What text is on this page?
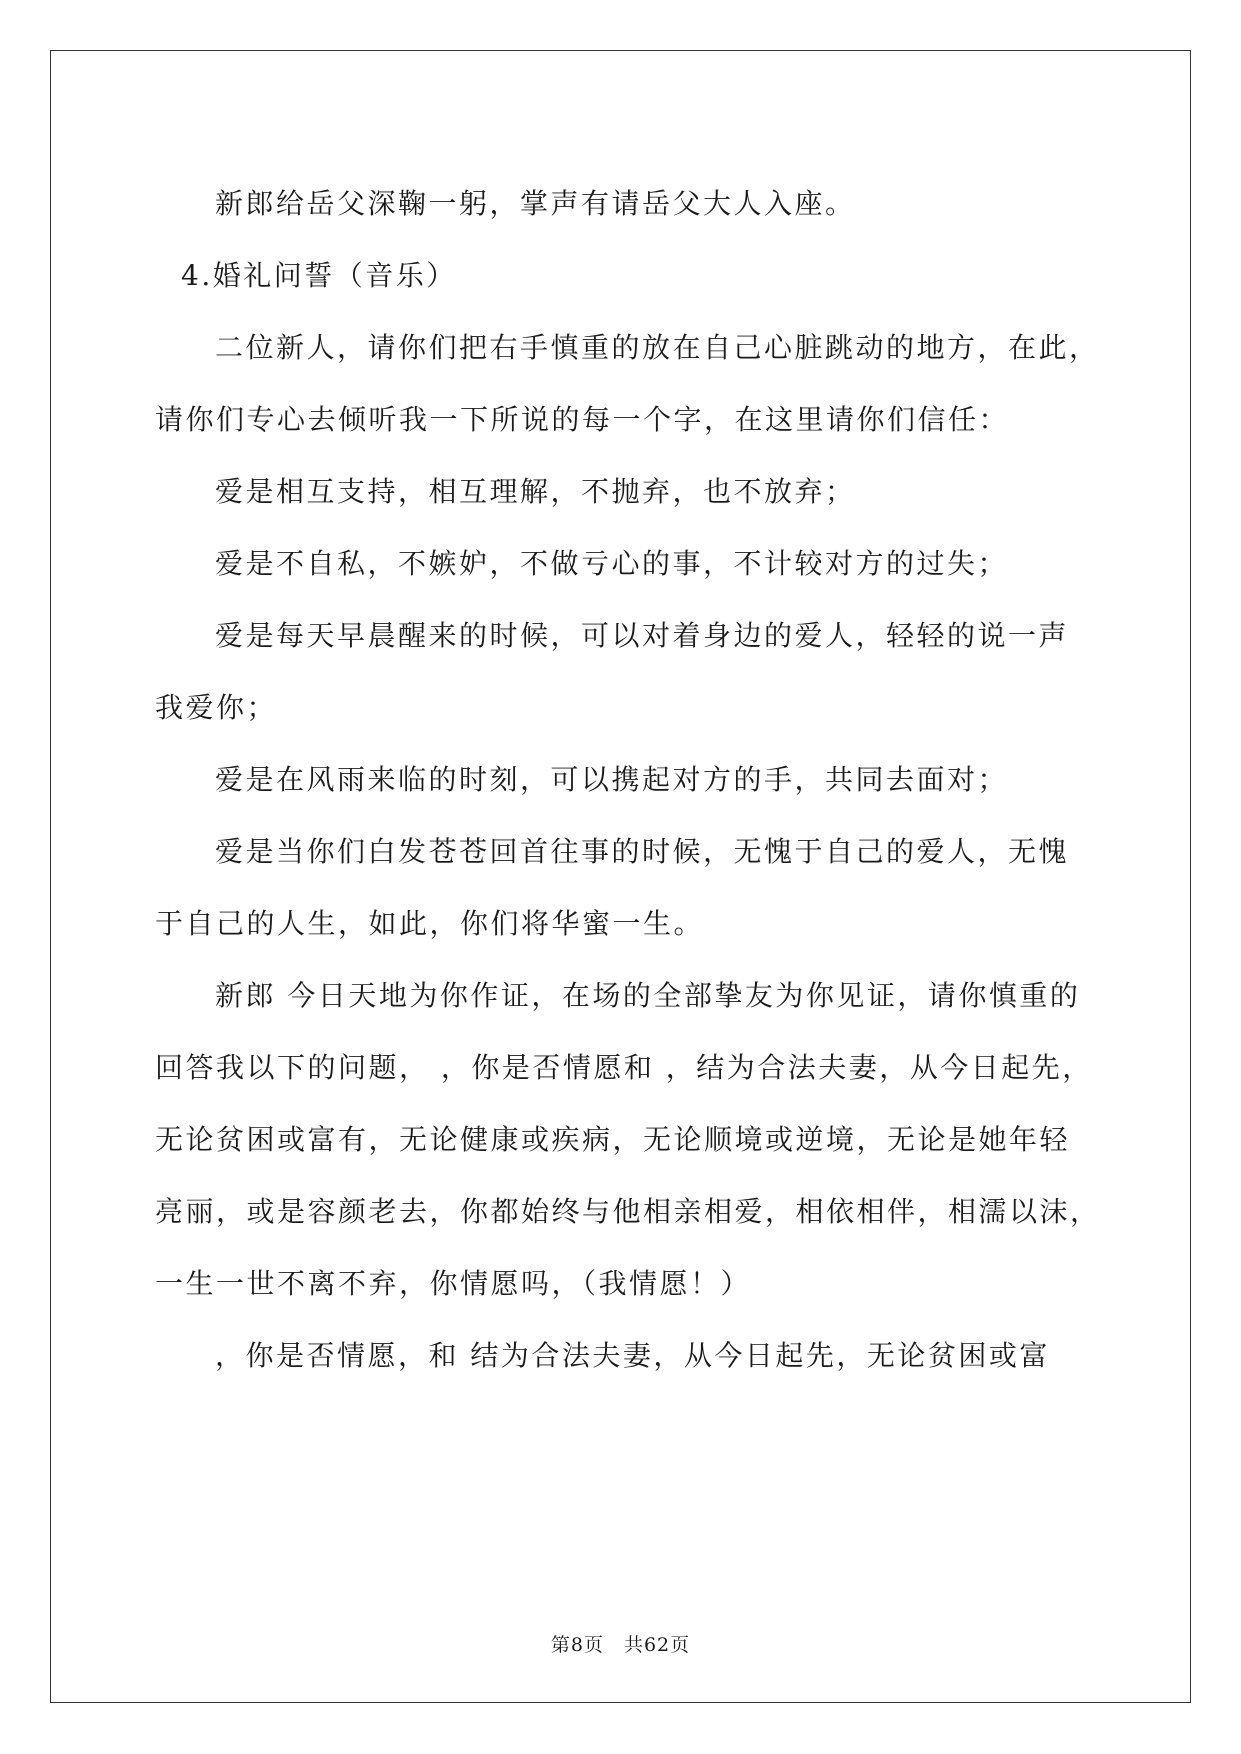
新郎给岳父深鞠一躬，掌声有请岳父大人入座。
4.婚礼问誓（音乐）
二位新人，请你们把右手慎重的放在自己心脏跳动的地方，在此，
请你们专心去倾听我一下所说的每一个字，在这里请你们信任：
爱是相互支持，相互理解，不抛弃，也不放弃；
爱是不自私，不嫉妒，不做亏心的事，不计较对方的过失；
爱是每天早晨醒来的时候，可以对着身边的爱人，轻轻的说一声
我爱你；
爱是在风雨来临的时刻，可以携起对方的手，共同去面对；
爱是当你们白发苍苍回首往事的时候，无愧于自己的爱人，无愧
于自己的人生，如此，你们将华蜜一生。
新郎 今日天地为你作证，在场的全部挚友为你见证，请你慎重的
回答我以下的问题， ，你是否情愿和 ，结为合法夫妻，从今日起先，
无论贫困或富有，无论健康或疾病，无论顺境或逆境，无论是她年轻
亮丽，或是容颜老去，你都始终与他相亲相爱，相依相伴，相濡以沫，
一生一世不离不弃，你情愿吗，（我情愿！）
，你是否情愿，和 结为合法夫妻，从今日起先，无论贫困或富
第8页　共62页
